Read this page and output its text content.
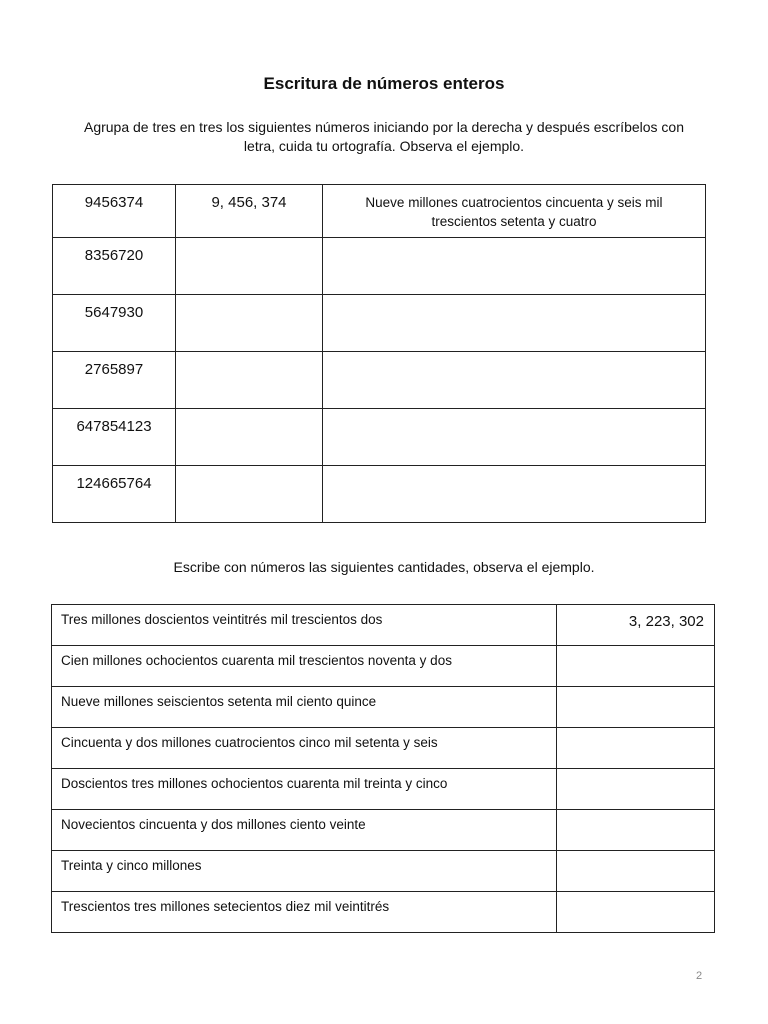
Escritura de números enteros
Agrupa de tres en tres los siguientes números iniciando por la derecha y después escríbelos con letra, cuida tu ortografía. Observa el ejemplo.
9456374	9, 456, 374	Nueve millones cuatrocientos cincuenta y seis mil trescientos setenta y cuatro
8356720		
5647930		
2765897		
647854123		
124665764		
Escribe con números las siguientes cantidades, observa el ejemplo.
Tres millones doscientos veintitrés mil trescientos dos	3, 223, 302
Cien millones ochocientos cuarenta mil trescientos noventa y dos	
Nueve millones seiscientos setenta mil ciento quince	
Cincuenta y dos millones cuatrocientos cinco mil setenta y seis	
Doscientos tres millones ochocientos cuarenta mil treinta y cinco	
Novecientos cincuenta y dos millones ciento veinte	
Treinta y cinco millones	
Trescientos tres millones setecientos diez mil veintitrés	
2
